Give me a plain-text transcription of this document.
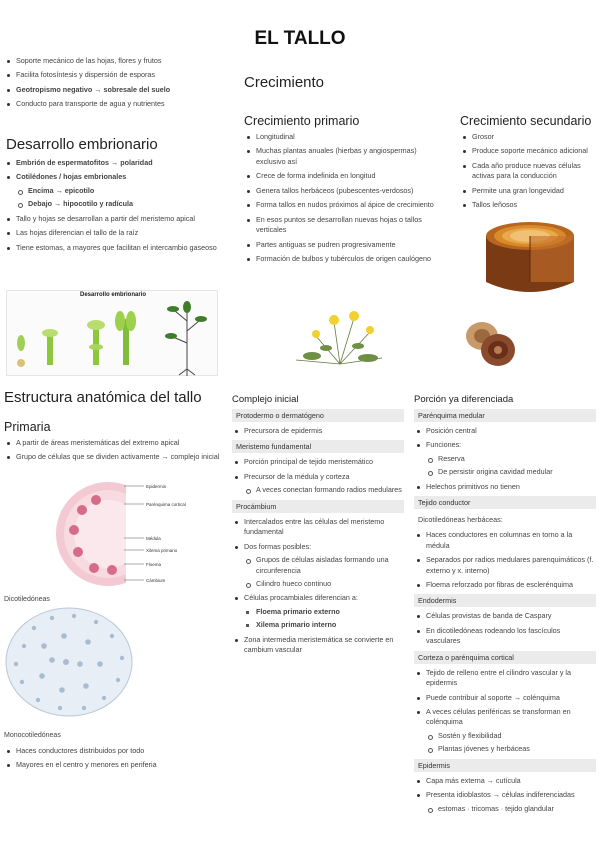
EL TALLO
Soporte mecánico de las hojas, flores y frutos
Facilita fotosíntesis y dispersión de esporas
Geotropismo negativo → sobresale del suelo
Conducto para transporte de agua y nutrientes
Desarrollo embrionario
Embrión de espermatofitos → polaridad
Cotilédones / hojas embrionales
Encima → epicotilo
Debajo → hipocotilo y radícula
Tallo y hojas se desarrollan a partir del meristemo apical
Las hojas diferencian el tallo de la raíz
Tiene estomas, a mayores que facilitan el intercambio gaseoso
Desarrollo embrionario
Crecimiento
Crecimiento primario
Longitudinal
Muchas plantas anuales (hierbas y angiospermas) exclusivo así
Crece de forma indefinida en longitud
Genera tallos herbáceos (pubescentes-verdosos)
Forma tallos en nudos próximos al ápice de crecimiento
En esos puntos se desarrollan nuevas hojas o tallos verticales
Partes antiguas se pudren progresivamente
Formación de bulbos y tubérculos de origen caulógeno
Crecimiento secundario
Grosor
Produce soporte mecánico adicional
Cada año produce nuevas células activas para la conducción
Permite una gran longevidad
Tallos leñosos
Estructura anatómica del tallo
Primaria
A partir de áreas meristemáticas del extremo apical
Grupo de células que se dividen activamente → complejo inicial
Epidermis
Parénquima cortical
Médula
Xilema primario
Floema
Cámbium
Dicotiledóneas
Monocotiledóneas
Haces conductores distribuidos por todo
Mayores en el centro y menores en periferia
Complejo inicial
Protodermo o dermatógeno
Precursora de epidermis
Meristemo fundamental
Porción principal de tejido meristemático
Precursor de la médula y corteza
A veces conectan formando radios medulares
Procámbium
Intercalados entre las células del meristemo fundamental
Dos formas posibles:
Grupos de células aisladas formando una circunferencia
Cilindro hueco continuo
Células procambiales diferencian a:
Floema primario externo
Xilema primario interno
Zona intermedia meristemática se convierte en cambium vascular
Porción ya diferenciada
Parénquima medular
Posición central
Funciones:
Reserva
De persistir origina cavidad medular
Helechos primitivos no tienen
Tejido conductor
Dicotiledóneas herbáceas:
Haces conductores en columnas en torno a la médula
Separados por radios medulares parenquimáticos (f. externo y x. interno)
Floema reforzado por fibras de esclerénquima
Endodermis
Células provistas de banda de Caspary
En dicotiledóneas rodeando los fascículos vasculares
Corteza o parénquima cortical
Tejido de relleno entre el cilindro vascular y la epidermis
Puede contribuir al soporte → colénquima
A veces células periféricas se transforman en colénquima
Sostén y flexibilidad
Plantas jóvenes y herbáceas
Epidermis
Capa más externa → cutícula
Presenta idioblastos → células indiferenciadas
estomas · tricomas · tejido glandular
